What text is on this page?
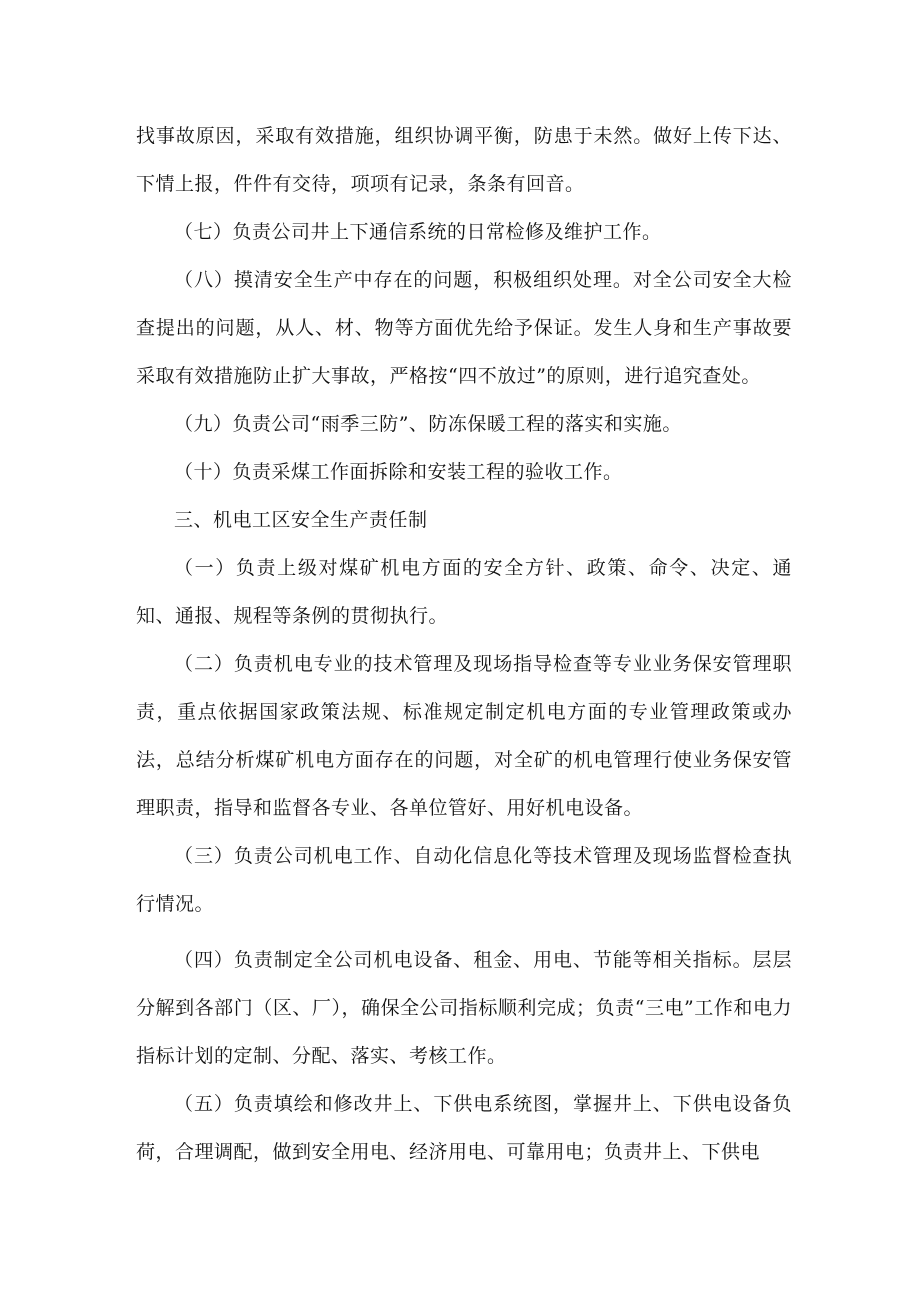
找事故原因，采取有效措施，组织协调平衡，防患于未然。做好上传下达、下情上报，件件有交待，项项有记录，条条有回音。

（七）负责公司井上下通信系统的日常检修及维护工作。

（八）摸清安全生产中存在的问题，积极组织处理。对全公司安全大检查提出的问题，从人、材、物等方面优先给予保证。发生人身和生产事故要采取有效措施防止扩大事故，严格按“四不放过”的原则，进行追究查处。

（九）负责公司“雨季三防”、防冻保暖工程的落实和实施。

（十）负责采煤工作面拆除和安装工程的验收工作。

三、机电工区安全生产责任制

（一）负责上级对煤矿机电方面的安全方针、政策、命令、决定、通知、通报、规程等条例的贯彻执行。

（二）负责机电专业的技术管理及现场指导检查等专业业务保安管理职责，重点依据国家政策法规、标准规定制定机电方面的专业管理政策或办法，总结分析煤矿机电方面存在的问题，对全矿的机电管理行使业务保安管理职责，指导和监督各专业、各单位管好、用好机电设备。

（三）负责公司机电工作、自动化信息化等技术管理及现场监督检查执行情况。

（四）负责制定全公司机电设备、租金、用电、节能等相关指标。层层分解到各部门（区、厂），确保全公司指标顺利完成；负责“三电”工作和电力指标计划的定制、分配、落实、考核工作。

（五）负责填绘和修改井上、下供电系统图，掌握井上、下供电设备负荷，合理调配，做到安全用电、经济用电、可靠用电；负责井上、下供电
